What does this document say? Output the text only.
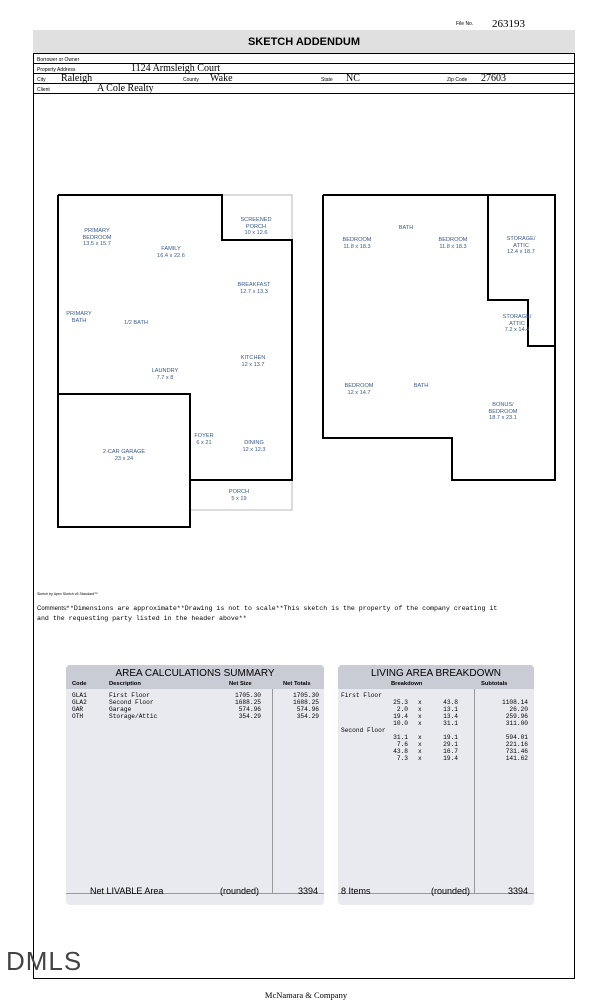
File No. 263193
SKETCH ADDENDUM
Borrower or Owner
Property Address	1124 Armsleigh Court
City Raleigh	County Wake	State NC	Zip Code 27603
Client	A Cole Realty
PRIMARY
BEDROOM
13.5 x 15.7
FAMILY
16.4 x 22.6
SCREENED
PORCH
10 x 12.6
BREAKFAST
12.7 x 13.3
PRIMARY
BATH	1/2 BATH
KITCHEN
12 x 13.7
LAUNDRY
7.7 x 8
FOYER
6 x 21	DINING
12 x 12.3
2-CAR GARAGE
23 x 24
PORCH
5 x 19
BATH
BEDROOM
11.8 x 18.3
BEDROOM
11.8 x 18.3
STORAGE/
ATTIC
12.4 x 18.7
STORAGE/
ATTIC
7.2 x 14.4
BEDROOM
12 x 14.7
BATH
BONUS/
BEDROOM
18.7 x 23.1
Sketch by Apex Sketch v5 Standard™
Comments:
**Dimensions are approximate**Drawing is not to scale**This sketch is the property of the company creating it
and the requesting party listed in the header above**
AREA CALCULATIONS SUMMARY
Code	Description	Net Size	Net Totals
GLA1	First Floor	1705.30	1705.30
GLA2	Second Floor	1688.25	1688.25
GAR	Garage	574.96	574.96
OTH	Storage/Attic	354.29	354.29
Net LIVABLE Area	(rounded)	3394
LIVING AREA BREAKDOWN
Breakdown	Subtotals
First Floor
25.3 x	43.8	1108.14
2.0 x	13.1	26.20
19.4 x	13.4	259.96
10.0 x	31.1	311.00
Second Floor
31.1 x	19.1	594.01
7.6 x	29.1	221.16
43.8 x	16.7	731.46
7.3 x	19.4	141.62
8 Items	(rounded)	3394
DMLS
McNamara & Company
